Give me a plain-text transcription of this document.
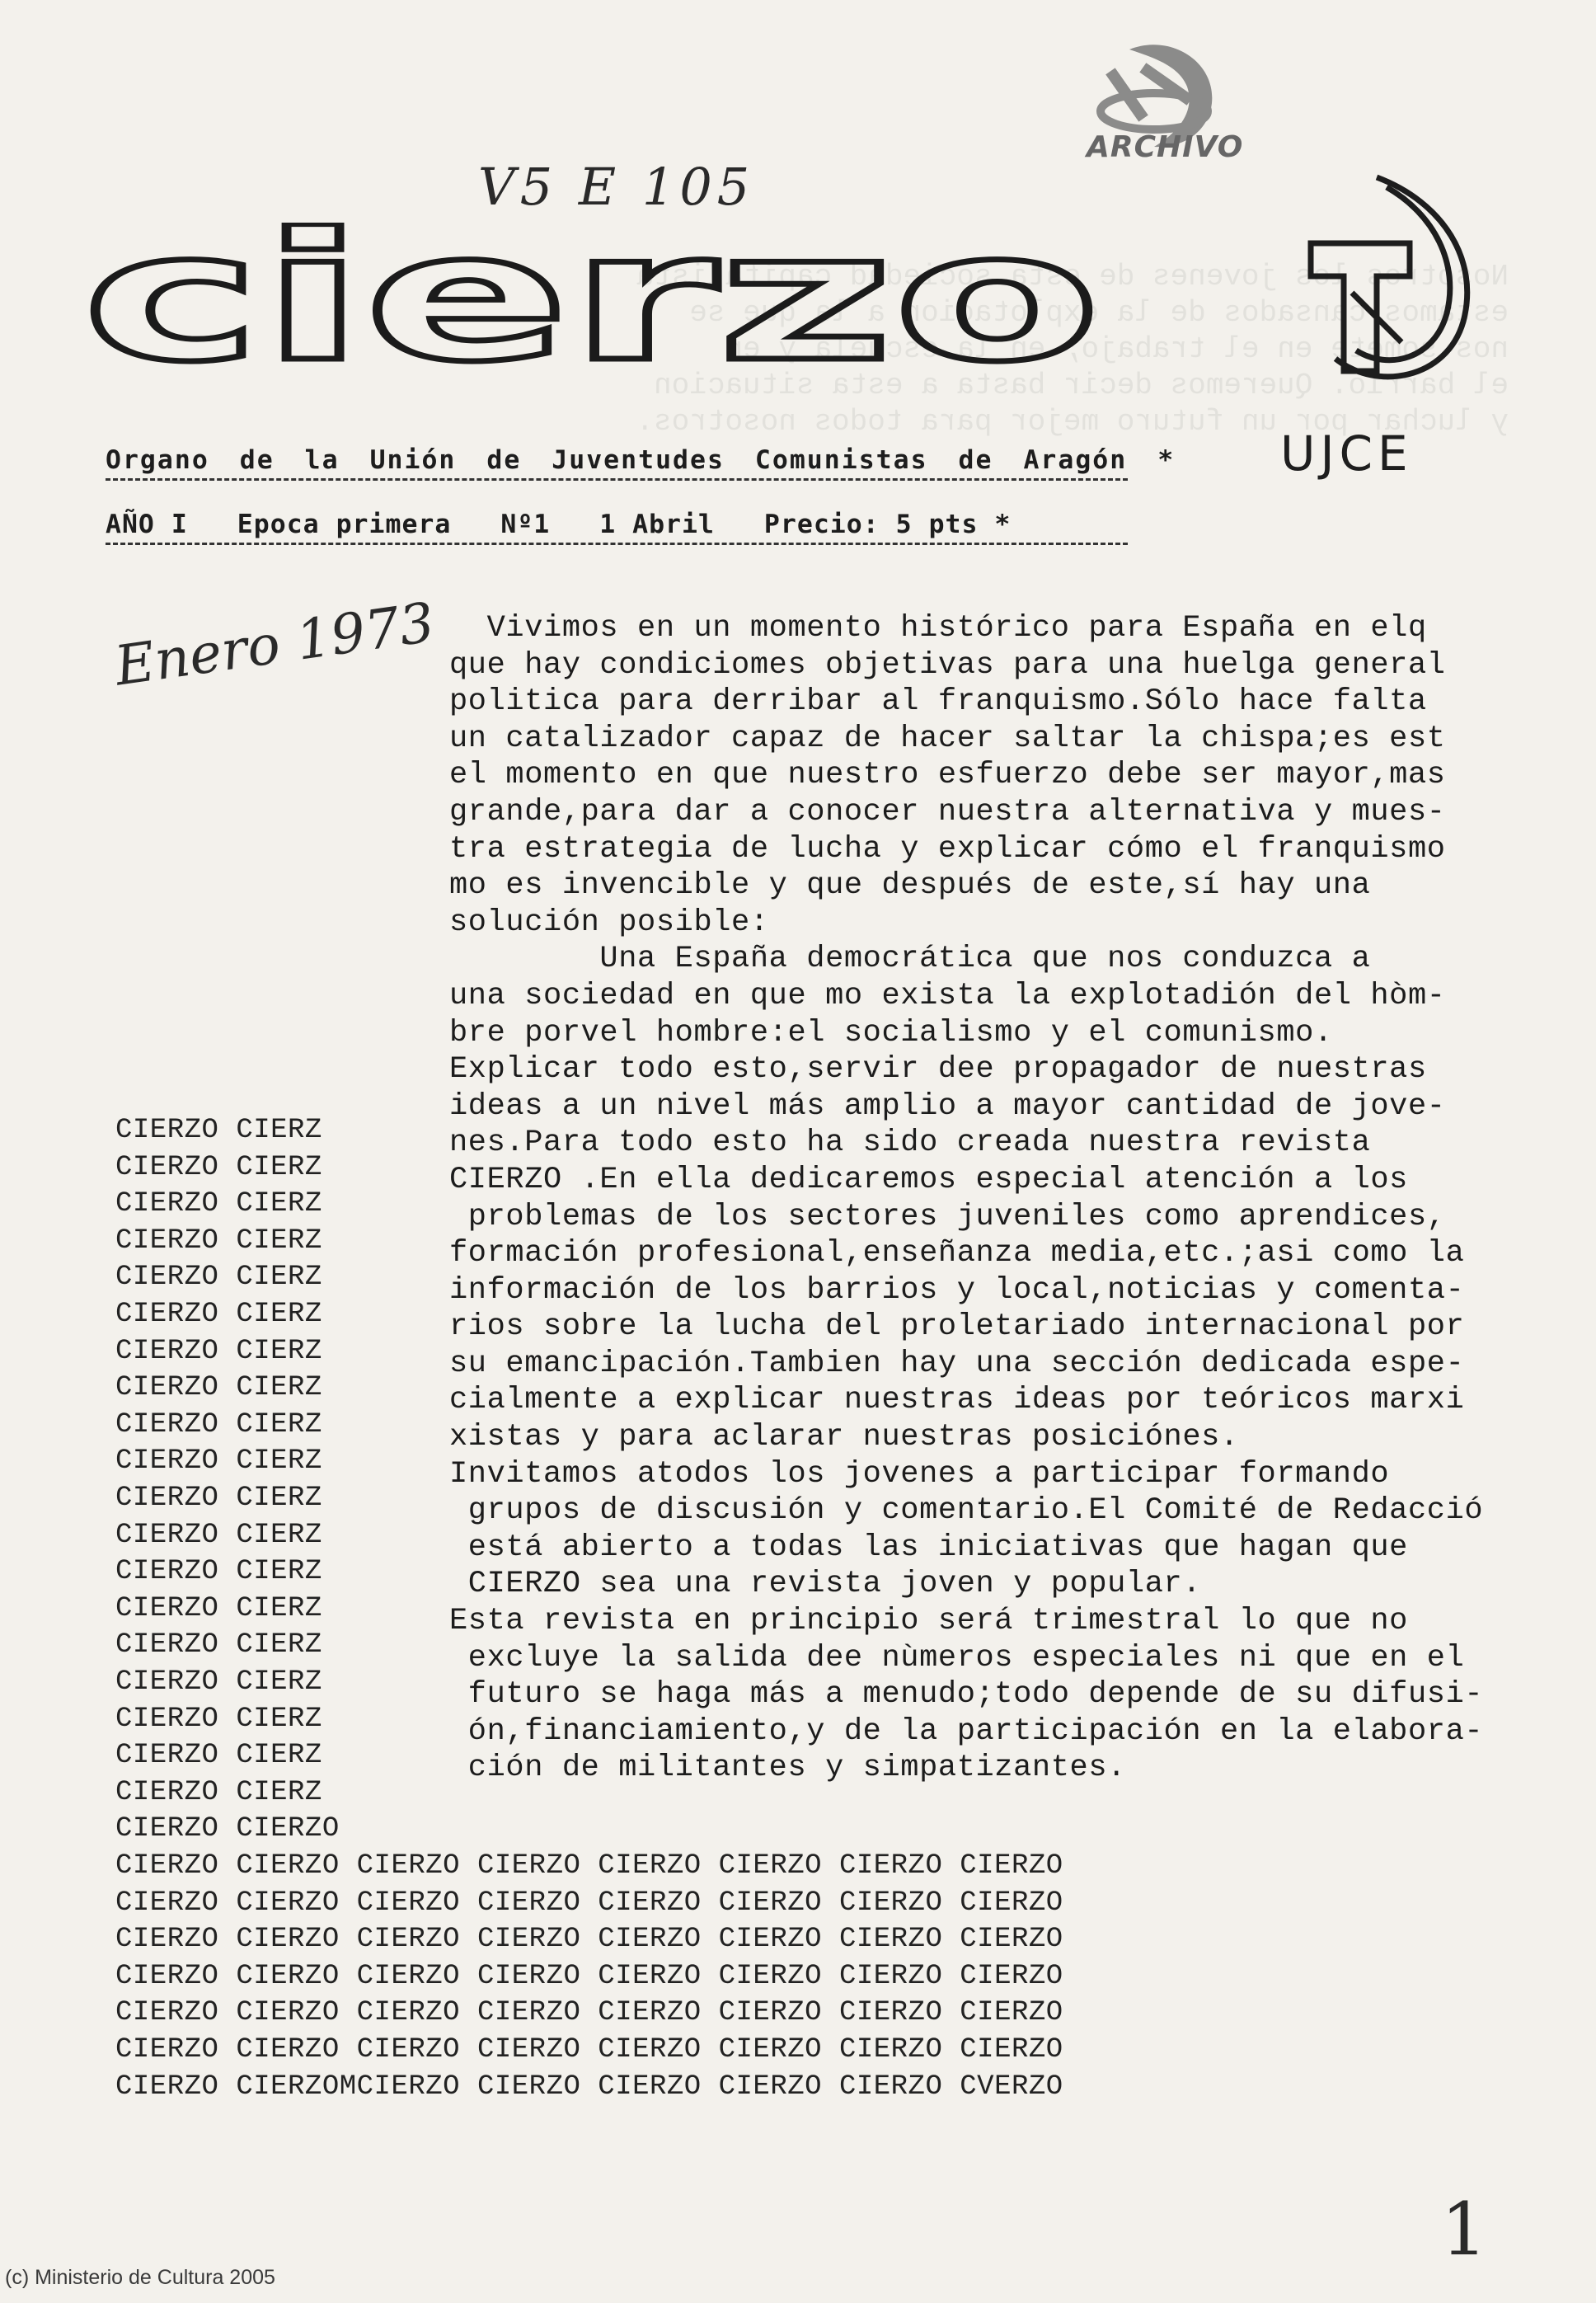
Nosotros los jovenes de esta sociedad capitalista
estamos cansados de la explotacion a la que se
nos somete en el trabajo, en la escuela y en
el barrio. Queremos decir basta a esta situacion
y luchar por un futuro mejor para todos nosotros.

ARCHIVO
V5 E 105
cierzo
UJCE
Organo de la Unión de Juventudes Comunistas de Aragón *
AÑO I Epoca primera Nº1 1 Abril Precio: 5 pts *
Enero 1973 Vivimos en un momento histórico para España en elq
que hay condiciomes objetivas para una huelga general
politica para derribar al franquismo.Sólo hace falta
un catalizador capaz de hacer saltar la chispa;es est
el momento en que nuestro esfuerzo debe ser mayor,mas
grande,para dar a conocer nuestra alternativa y mues-
tra estrategia de lucha y explicar cómo el franquismo
mo es invencible y que después de este,sí hay una
solución posible:
Una España democrática que nos conduzca a
una sociedad en que mo exista la explotadión del hòm-
bre porvel hombre:el socialismo y el comunismo.
Explicar todo esto,servir dee propagador de nuestras
ideas a un nivel más amplio a mayor cantidad de jove-
nes.Para todo esto ha sido creada nuestra revista
CIERZO .En ella dedicaremos especial atención a los
problemas de los sectores juveniles como aprendices,
formación profesional,enseñanza media,etc.;asi como la
información de los barrios y local,noticias y comenta-
rios sobre la lucha del proletariado internacional por
su emancipación.Tambien hay una sección dedicada espe-
cialmente a explicar nuestras ideas por teóricos marxi
xistas y para aclarar nuestras posiciónes.
Invitamos atodos los jovenes a participar formando
grupos de discusión y comentario.El Comité de Redacció
está abierto a todas las iniciativas que hagan que
CIERZO sea una revista joven y popular.
Esta revista en principio será trimestral lo que no
excluye la salida dee nùmeros especiales ni que en el
futuro se haga más a menudo;todo depende de su difusi-
ón,financiamiento,y de la participación en la elabora-
ción de militantes y simpatizantes.
CIERZO CIERZ
CIERZO CIERZ
CIERZO CIERZ
CIERZO CIERZ
CIERZO CIERZ
CIERZO CIERZ
CIERZO CIERZ
CIERZO CIERZ
CIERZO CIERZ
CIERZO CIERZ
CIERZO CIERZ
CIERZO CIERZ
CIERZO CIERZ
CIERZO CIERZ
CIERZO CIERZ
CIERZO CIERZ
CIERZO CIERZ
CIERZO CIERZ
CIERZO CIERZ
CIERZO CIERZO
CIERZO CIERZO CIERZO CIERZO CIERZO CIERZO CIERZO CIERZO
CIERZO CIERZO CIERZO CIERZO CIERZO CIERZO CIERZO CIERZO
CIERZO CIERZO CIERZO CIERZO CIERZO CIERZO CIERZO CIERZO
CIERZO CIERZO CIERZO CIERZO CIERZO CIERZO CIERZO CIERZO
CIERZO CIERZO CIERZO CIERZO CIERZO CIERZO CIERZO CIERZO
CIERZO CIERZO CIERZO CIERZO CIERZO CIERZO CIERZO CIERZO
CIERZO CIERZOMCIERZO CIERZO CIERZO CIERZO CIERZO CVERZO
1
(c) Ministerio de Cultura 2005
